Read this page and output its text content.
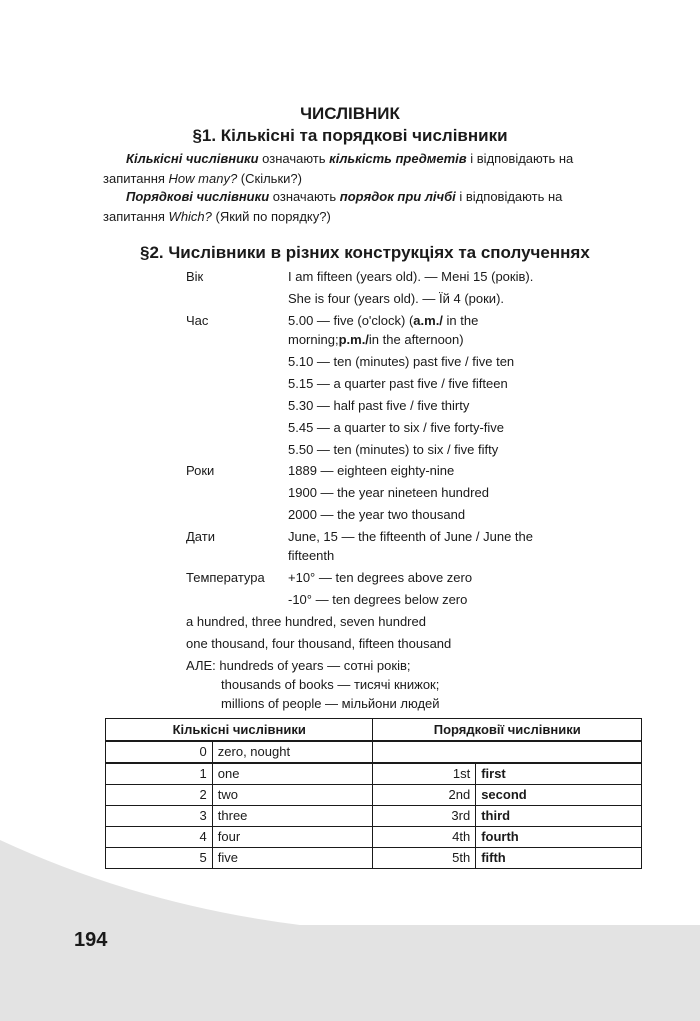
ЧИСЛІВНИК
§1. Кількісні та порядкові числівники
Кількісні числівники означають кількість предметів і відповідають на
запитання How many? (Скільки?)
Порядкові числівники означають порядок при лічбі і відповідають на
запитання Which? (Який по порядку?)
§2. Числівники в різних конструкціях та сполученнях
Вік	I am fifteen (years old). — Мені 15 (років).
She is four (years old). — Їй 4 (роки).
Час	5.00 — five (o'clock) (a.m./ in the
morning;p.m./in the afternoon)
5.10 — ten (minutes) past five / five ten
5.15 — a quarter past five / five fifteen
5.30 — half past five / five thirty
5.45 — a quarter to six / five forty-five
5.50 — ten (minutes) to six / five fifty
Роки	1889 — eighteen eighty-nine
1900 — the year nineteen hundred
2000 — the year two thousand
Дати	June, 15 — the fifteenth of June / June the
fifteenth
Температура +10° — ten degrees above zero
-10° — ten degrees below zero
a hundred, three hundred, seven hundred
one thousand, four thousand, fifteen thousand
АЛЕ: hundreds of years — сотні років;
thousands of books — тисячі книжок;
millions of people — мільйони людей
Кількісні числівники		Порядковії числівники	
0	zero, nought		
1	one	1st	first
2	two	2nd	second
3	three	3rd	third
4	four	4th	fourth
5	five	5th	fifth
194
